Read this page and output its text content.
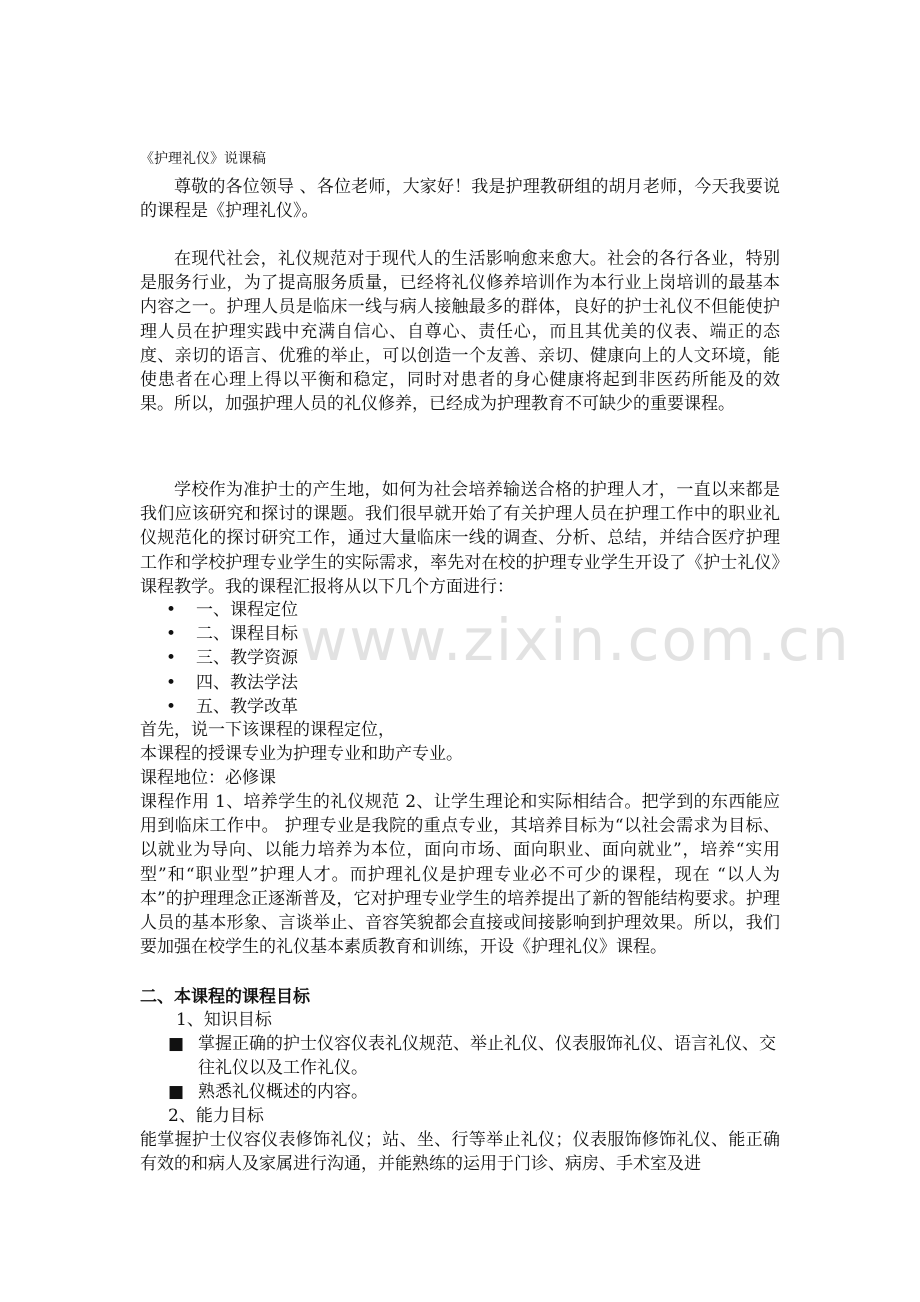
《护理礼仪》说课稿
尊敬的各位领导 、各位老师，大家好！我是护理教研组的胡月老师，今天我要说的课程是《护理礼仪》。
在现代社会，礼仪规范对于现代人的生活影响愈来愈大。社会的各行各业，特别是服务行业，为了提高服务质量，已经将礼仪修养培训作为本行业上岗培训的最基本内容之一。护理人员是临床一线与病人接触最多的群体，良好的护士礼仪不但能使护理人员在护理实践中充满自信心、自尊心、责任心，而且其优美的仪表、端正的态度、亲切的语言、优雅的举止，可以创造一个友善、亲切、健康向上的人文环境，能使患者在心理上得以平衡和稳定，同时对患者的身心健康将起到非医药所能及的效果。所以，加强护理人员的礼仪修养，已经成为护理教育不可缺少的重要课程。
学校作为准护士的产生地，如何为社会培养输送合格的护理人才，一直以来都是我们应该研究和探讨的课题。我们很早就开始了有关护理人员在护理工作中的职业礼仪规范化的探讨研究工作，通过大量临床一线的调查、分析、总结，并结合医疗护理工作和学校护理专业学生的实际需求，率先对在校的护理专业学生开设了《护士礼仪》课程教学。我的课程汇报将从以下几个方面进行：
• 一、课程定位
• 二、课程目标
• 三、教学资源
• 四、教法学法
• 五、教学改革
首先，说一下该课程的课程定位，
本课程的授课专业为护理专业和助产专业。
课程地位：必修课
课程作用 1、培养学生的礼仪规范 2、让学生理论和实际相结合。把学到的东西能应用到临床工作中。 护理专业是我院的重点专业，其培养目标为“以社会需求为目标、以就业为导向、以能力培养为本位，面向市场、面向职业、面向就业”，培养“实用型”和“职业型”护理人才。而护理礼仪是护理专业必不可少的课程，现在 “以人为本”的护理理念正逐渐普及，它对护理专业学生的培养提出了新的智能结构要求。护理人员的基本形象、言谈举止、音容笑貌都会直接或间接影响到护理效果。所以，我们要加强在校学生的礼仪基本素质教育和训练，开设《护理礼仪》课程。
二、本课程的课程目标
1、知识目标
■ 掌握正确的护士仪容仪表礼仪规范、举止礼仪、仪表服饰礼仪、语言礼仪、交往礼仪以及工作礼仪。
■ 熟悉礼仪概述的内容。
2、能力目标
能掌握护士仪容仪表修饰礼仪；站、坐、行等举止礼仪；仪表服饰修饰礼仪、能正确有效的和病人及家属进行沟通，并能熟练的运用于门诊、病房、手术室及进
www.zixin.com.cn
